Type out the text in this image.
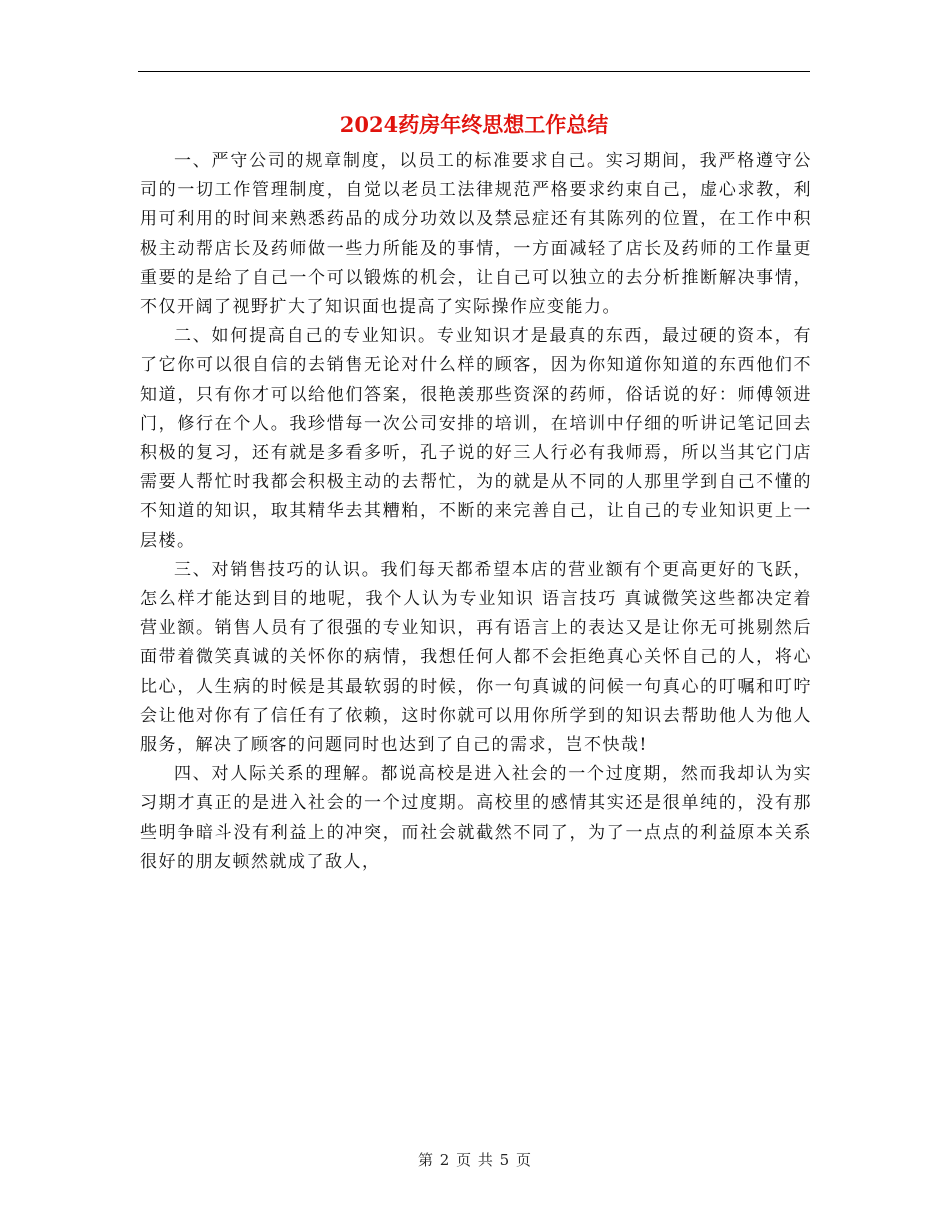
2024药房年终思想工作总结

一、严守公司的规章制度，以员工的标准要求自己。实习期间，我严格遵守公司的一切工作管理制度，自觉以老员工法律规范严格要求约束自己，虚心求教，利用可利用的时间来熟悉药品的成分功效以及禁忌症还有其陈列的位置，在工作中积极主动帮店长及药师做一些力所能及的事情，一方面减轻了店长及药师的工作量更重要的是给了自己一个可以锻炼的机会，让自己可以独立的去分析推断解决事情，不仅开阔了视野扩大了知识面也提高了实际操作应变能力。

二、如何提高自己的专业知识。专业知识才是最真的东西，最过硬的资本，有了它你可以很自信的去销售无论对什么样的顾客，因为你知道你知道的东西他们不知道，只有你才可以给他们答案，很艳羡那些资深的药师，俗话说的好：师傅领进门，修行在个人。我珍惜每一次公司安排的培训，在培训中仔细的听讲记笔记回去积极的复习，还有就是多看多听，孔子说的好三人行必有我师焉，所以当其它门店需要人帮忙时我都会积极主动的去帮忙，为的就是从不同的人那里学到自己不懂的不知道的知识，取其精华去其糟粕，不断的来完善自己，让自己的专业知识更上一层楼。

三、对销售技巧的认识。我们每天都希望本店的营业额有个更高更好的飞跃，怎么样才能达到目的地呢，我个人认为专业知识 语言技巧 真诚微笑这些都决定着营业额。销售人员有了很强的专业知识，再有语言上的表达又是让你无可挑剔然后面带着微笑真诚的关怀你的病情，我想任何人都不会拒绝真心关怀自己的人，将心比心，人生病的时候是其最软弱的时候，你一句真诚的问候一句真心的叮嘱和叮咛会让他对你有了信任有了依赖，这时你就可以用你所学到的知识去帮助他人为他人服务，解决了顾客的问题同时也达到了自己的需求，岂不快哉!

四、对人际关系的理解。都说高校是进入社会的一个过度期，然而我却认为实习期才真正的是进入社会的一个过度期。高校里的感情其实还是很单纯的，没有那些明争暗斗没有利益上的冲突，而社会就截然不同了，为了一点点的利益原本关系很好的朋友顿然就成了敌人，

第 2 页 共 5 页
